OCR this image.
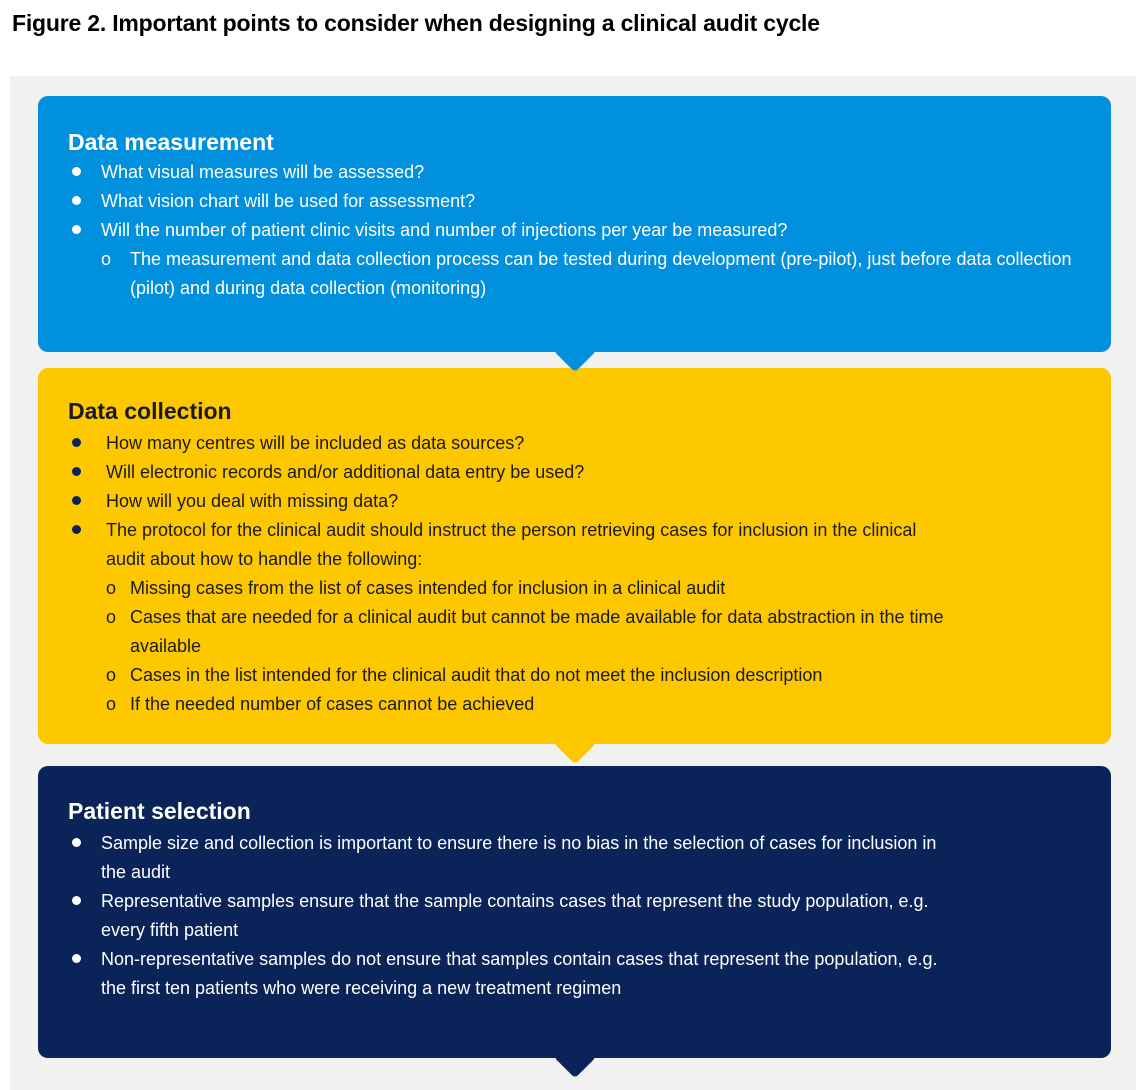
Figure 2. Important points to consider when designing a clinical audit cycle
Data measurement
What visual measures will be assessed?
What vision chart will be used for assessment?
Will the number of patient clinic visits and number of injections per year be measured?
o The measurement and data collection process can be tested during development (pre-pilot), just before data collection (pilot) and during data collection (monitoring)
Data collection
How many centres will be included as data sources?
Will electronic records and/or additional data entry be used?
How will you deal with missing data?
The protocol for the clinical audit should instruct the person retrieving cases for inclusion in the clinical audit about how to handle the following:
o Missing cases from the list of cases intended for inclusion in a clinical audit
o Cases that are needed for a clinical audit but cannot be made available for data abstraction in the time available
o Cases in the list intended for the clinical audit that do not meet the inclusion description
o If the needed number of cases cannot be achieved
Patient selection
Sample size and collection is important to ensure there is no bias in the selection of cases for inclusion in the audit
Representative samples ensure that the sample contains cases that represent the study population, e.g. every fifth patient
Non-representative samples do not ensure that samples contain cases that represent the population, e.g. the first ten patients who were receiving a new treatment regimen
